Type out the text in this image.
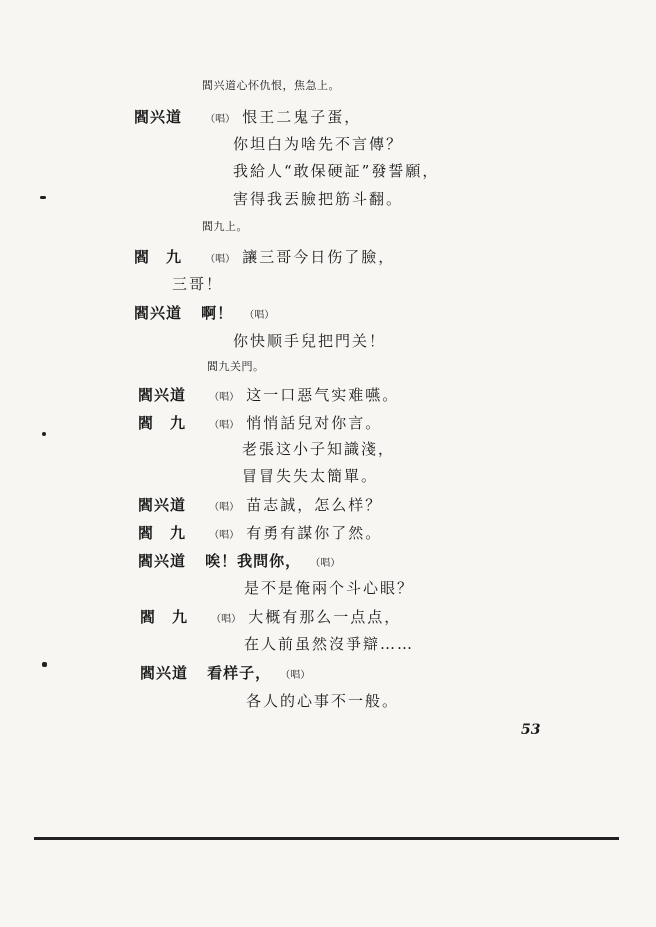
閻兴道心怀仇恨，焦急上。
閻兴道 （唱） 恨王二鬼子蛋，
你坦白为啥先不言傳？
我給人“敢保硬証”發誓願，
害得我丟臉把筋斗翻。
閻九上。
閻　九 （唱） 讓三哥今日伤了臉，
三哥！
閻兴道 啊！ （唱）
你快顺手兒把門关！
閻九关門。
閻兴道 （唱） 这一口惡气实难嚥。
閻　九 （唱） 悄悄話兒对你言。
老張这小子知識淺，
冒冒失失太簡單。
閻兴道 （唱） 苗志誠，怎么样？
閻　九 （唱） 有勇有謀你了然。
閻兴道 唉！我問你， （唱）
是不是俺兩个斗心眼？
閻　九 （唱） 大概有那么一点点，
在人前虽然沒爭辯……
閻兴道 看样子， （唱）
各人的心事不一般。
53
